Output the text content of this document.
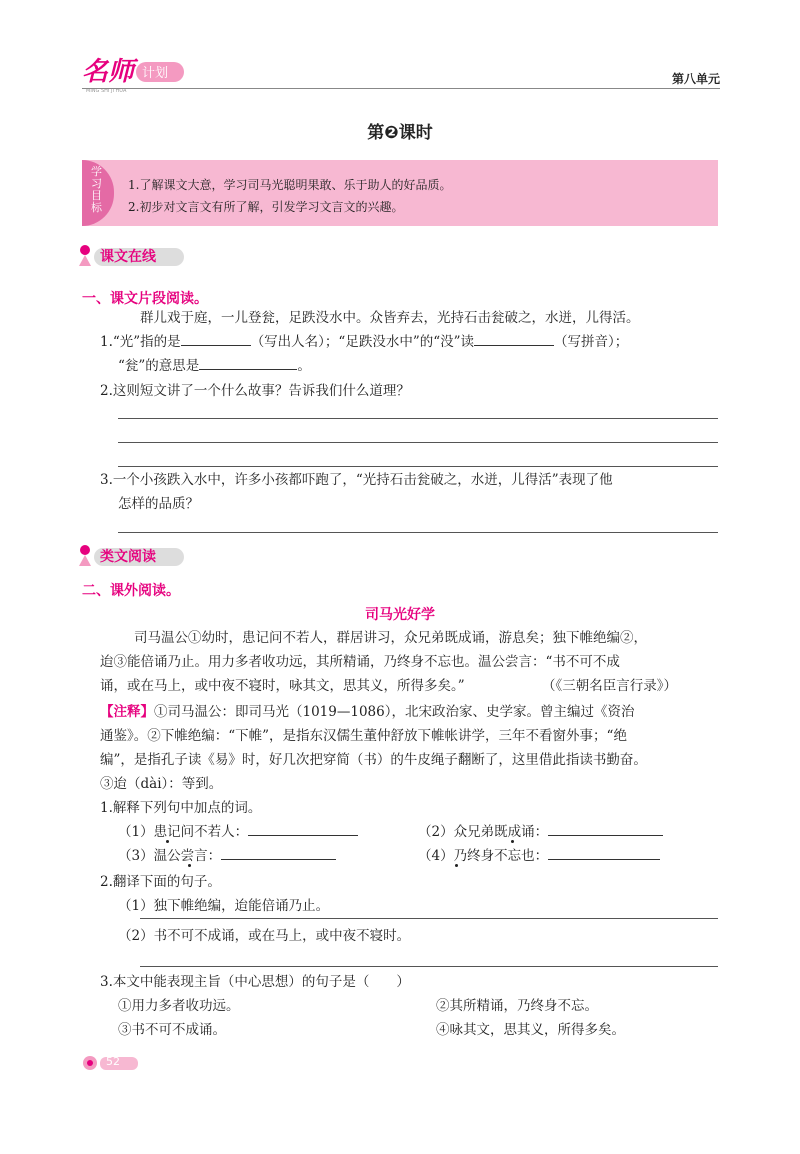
名师 计划
MING SHI JI HUA
第八单元
第❷课时
学习目标
1.了解课文大意，学习司马光聪明果敢、乐于助人的好品质。
2.初步对文言文有所了解，引发学习文言文的兴趣。
课文在线
一、课文片段阅读。
群儿戏于庭，一儿登瓮，足跌没水中。众皆弃去，光持石击瓮破之，水迸，儿得活。
1.“光”指的是	（写出人名）；“足跌没水中”的“没”读	（写拼音）；
“瓮”的意思是	。
2.这则短文讲了一个什么故事？告诉我们什么道理？
3.一个小孩跌入水中，许多小孩都吓跑了，“光持石击瓮破之，水迸，儿得活”表现了他
怎样的品质？
类文阅读
二、课外阅读。
司马光好学
司马温公①幼时，患记问不若人，群居讲习，众兄弟既成诵，游息矣；独下帷绝编②，
迨③能倍诵乃止。用力多者收功远，其所精诵，乃终身不忘也。温公尝言：“书不可不成
诵，或在马上，或中夜不寝时，咏其文，思其义，所得多矣。”	（《三朝名臣言行录》）
【注释】①司马温公：即司马光（1019—1086），北宋政治家、史学家。曾主编过《资治
通鉴》。②下帷绝编：“下帷”，是指东汉儒生董仲舒放下帷帐讲学，三年不看窗外事；“绝
编”，是指孔子读《易》时，好几次把穿简（书）的牛皮绳子翻断了，这里借此指读书勤奋。
③迨（dài）：等到。
1.解释下列句中加点的词。
（1）患记问不若人：	（2）众兄弟既成诵：
（3）温公尝言：	（4）乃终身不忘也：
2.翻译下面的句子。
（1）独下帷绝编，迨能倍诵乃止。
（2）书不可不成诵，或在马上，或中夜不寝时。
3.本文中能表现主旨（中心思想）的句子是（　　）
①用力多者收功远。	②其所精诵，乃终身不忘。
③书不可不成诵。	④咏其文，思其义，所得多矣。
52
